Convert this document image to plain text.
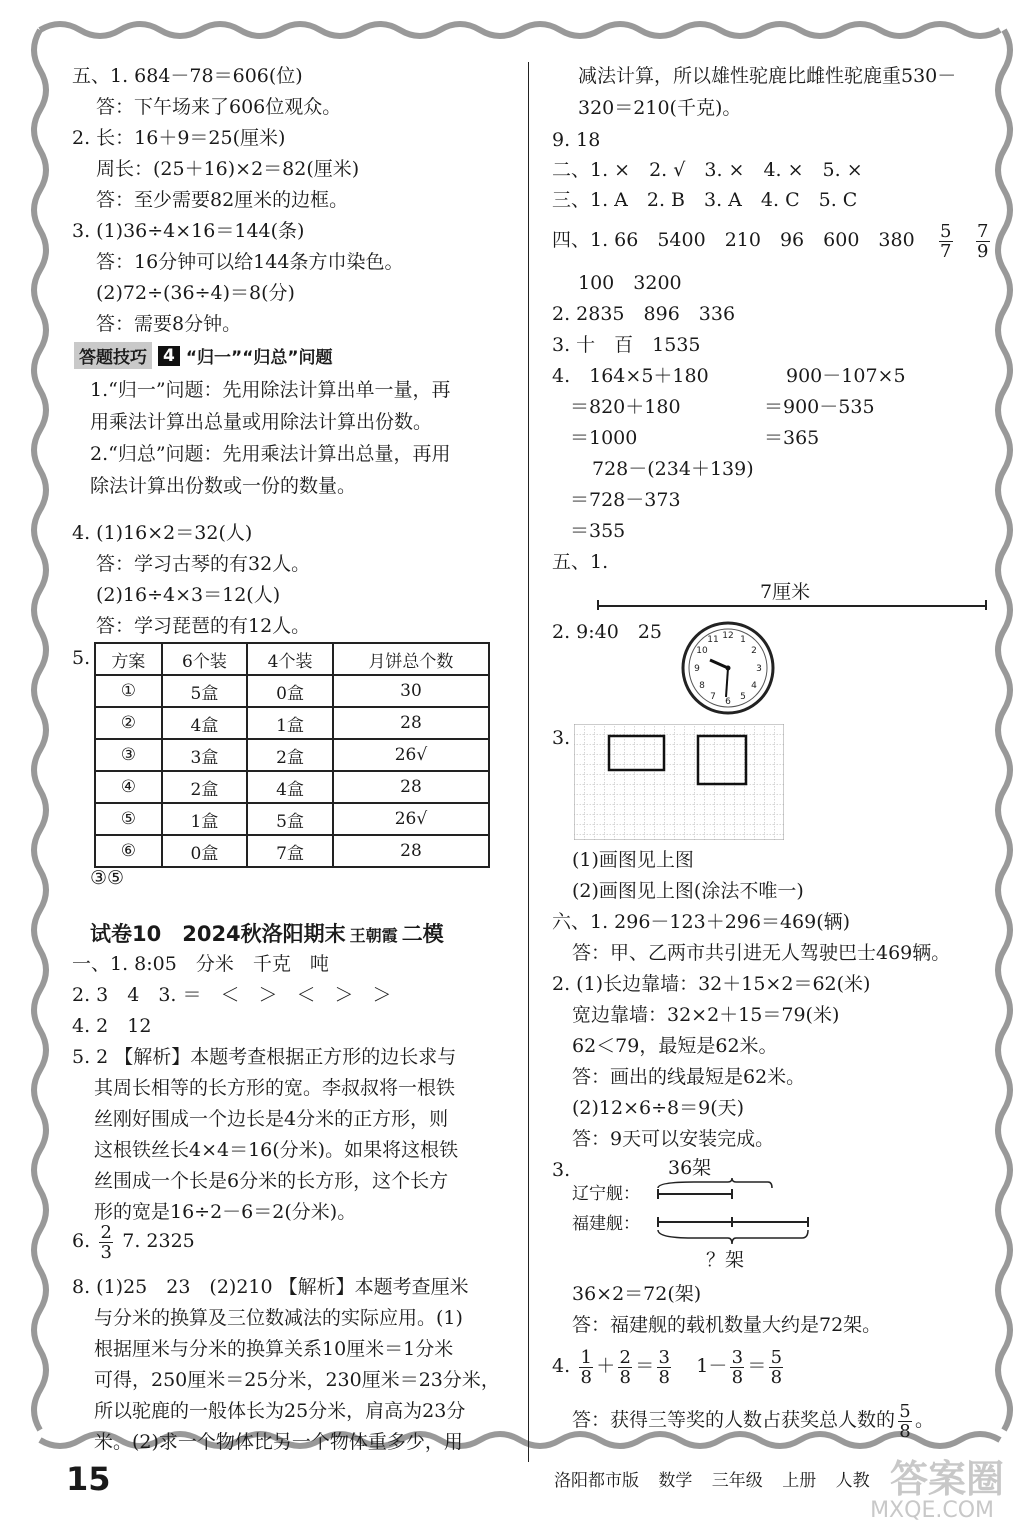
五、1. 684－78＝606(位)
答：下午场来了606位观众。
2. 长：16＋9＝25(厘米)
周长：(25＋16)×2＝82(厘米)
答：至少需要82厘米的边框。
3. (1)36÷4×16＝144(条)
答：16分钟可以给144条方巾染色。
(2)72÷(36÷4)＝8(分)
答：需要8分钟。
答题技巧 4 “归一”“归总”问题
1.“归一”问题：先用除法计算出单一量，再
用乘法计算出总量或用除法计算出份数。
2.“归总”问题：先用乘法计算出总量，再用
除法计算出份数或一份的数量。
4. (1)16×2＝32(人)
答：学习古琴的有32人。
(2)16÷4×3＝12(人)
答：学习琵琶的有12人。
5. 方案	6个装	4个装	月饼总个数
①	5盒	0盒	30
②	4盒	1盒	28
③	3盒	2盒	26√
④	2盒	4盒	28
⑤	1盒	5盒	26√
⑥	0盒	7盒	28
③⑤
试卷10　2024秋洛阳期末 王朝霞 二模
一、1. 8:05　分米　千克　吨
2. 3　4　3. ＝　＜　＞　＜　＞　＞
4. 2　12
5. 2 【解析】本题考查根据正方形的边长求与
其周长相等的长方形的宽。李叔叔将一根铁
丝刚好围成一个边长是4分米的正方形，则
这根铁丝长4×4＝16(分米)。如果将这根铁
丝围成一个长是6分米的长方形，这个长方
形的宽是16÷2－6＝2(分米)。
6. $\frac{2}{3} 7$. 2325
8. (1)25　23　(2)210 【解析】本题考查厘米
与分米的换算及三位数减法的实际应用。(1)
根据厘米与分米的换算关系10厘米＝1分米
可得，250厘米＝25分米，230厘米＝23分米，
所以驼鹿的一般体长为25分米，肩高为23分
米。(2)求一个物体比另一个物体重多少，用
减法计算，所以雄性驼鹿比雌性驼鹿重530－
320＝210(千克)。
9. 18
二、1. ×　2. √　3. ×　4. ×　5. ×
三、1. A　2. B　3. A　4. C　5. C
四、1. 66　5400　210　96　600　$380 \frac{5}{7}$
$\frac{7}{9}$
100　3200
2. 2835　896　336
3. 十　百　1535
4.　164×5＋180	900－107×5
＝820＋180	＝900－535
＝1000	＝365
728－(234＋139)
＝728－373
＝355
五、1.
7厘米
2. 9:40　25	12 1
2
3
4
5
6
7
8
9
10
11
3.
(1)画图见上图
(2)画图见上图(涂法不唯一)
六、1. 296－123＋296＝469(辆)
答：甲、乙两市共引进无人驾驶巴士469辆。
2. (1)长边靠墙：32＋15×2＝62(米)
宽边靠墙：32×2＋15＝79(米)
62＜79，最短是62米。
答：画出的线最短是62米。
(2)12×6÷8＝9(天)
答：9天可以安装完成。
3.	36架
辽宁舰：
福建舰：
？架
36×2＝72(架)
答：福建舰的载机数量大约是72架。
4. $\frac{1}{8} + \frac{2}{8} = \frac{3}{8} 1- \frac{3}{8} = \frac{5}{8}$
答：获得三等奖的人数占获奖总人数的 $\frac{5}{8}$ 。
15	洛阳都市版 数学 三年级 上册 人教 答案圈
MXQE.COM
